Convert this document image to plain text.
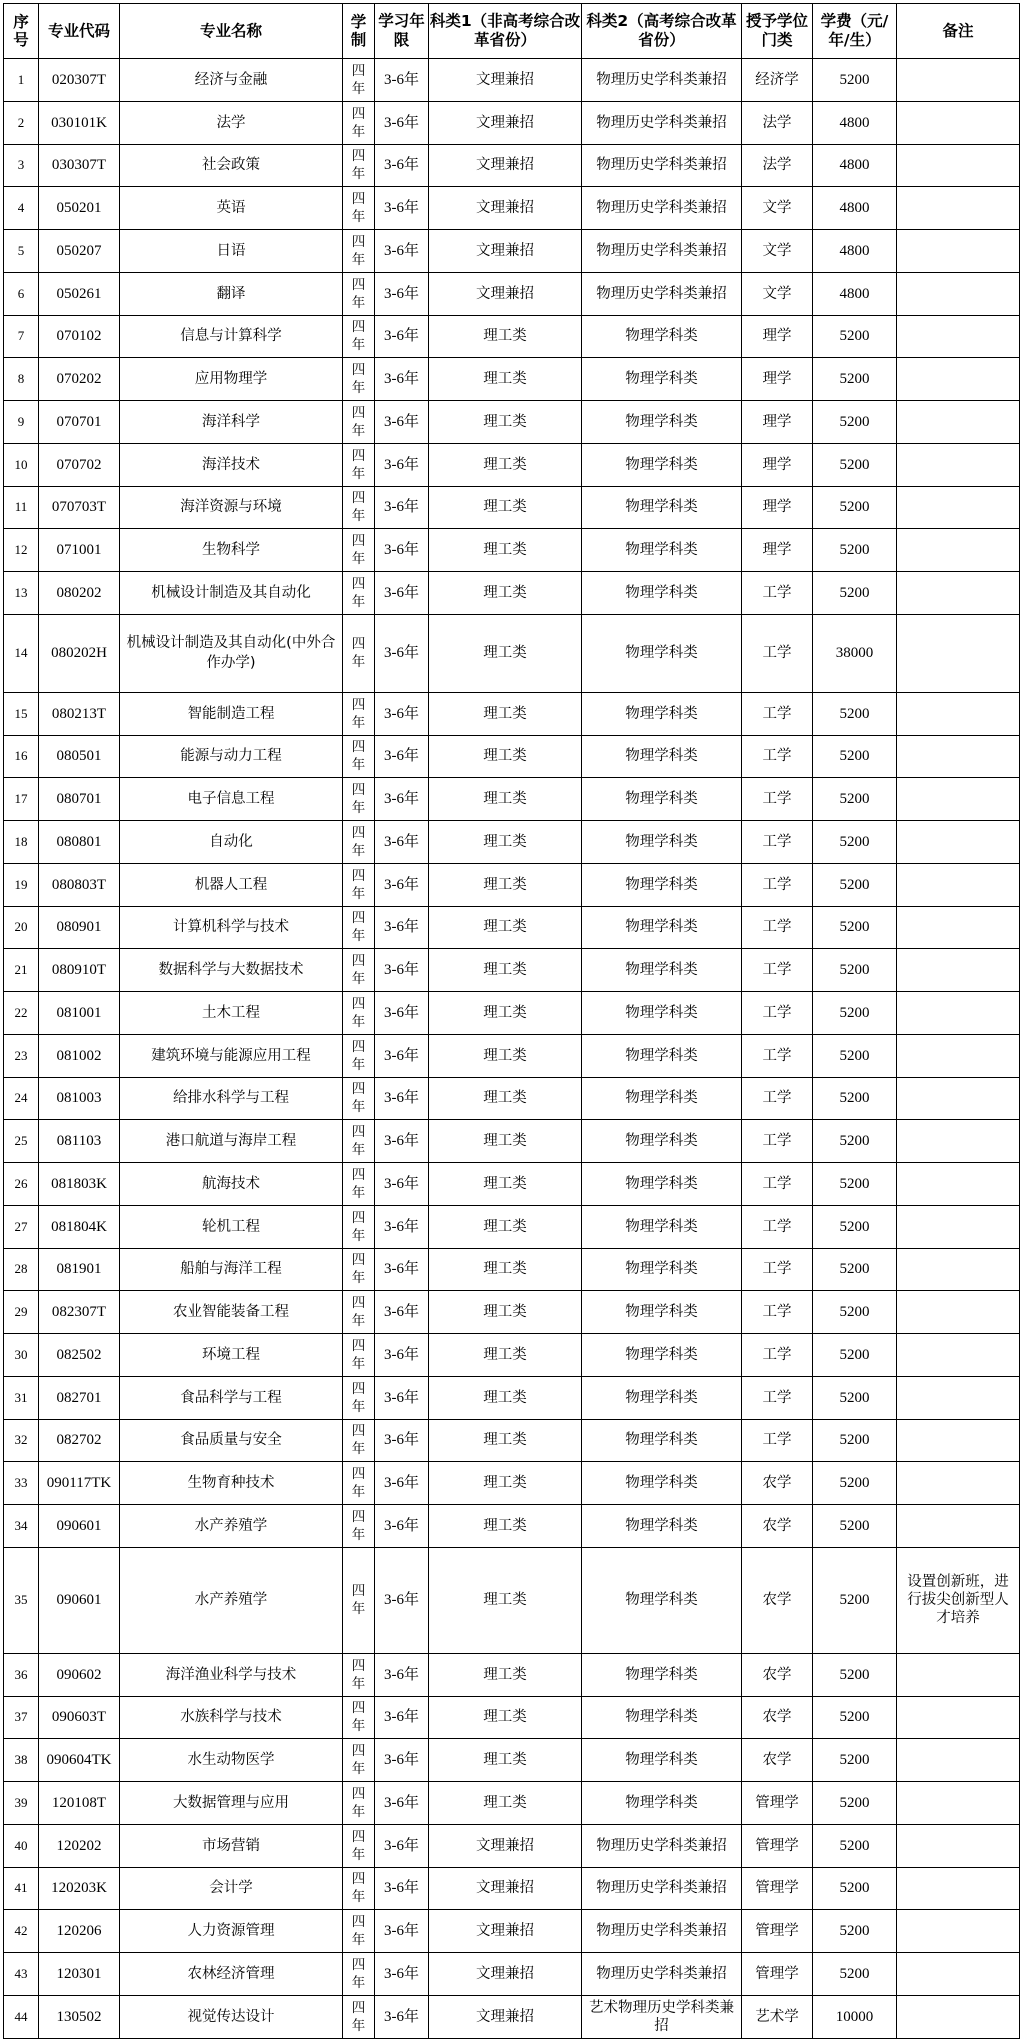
序号	专业代码	专业名称	学制	学习年限	科类1（非高考综合改革省份）	科类2（高考综合改革省份）	授予学位门类	学费（元/年/生）	备注
1	020307T	经济与金融	四年	3-6年	文理兼招	物理历史学科类兼招	经济学	5200	
2	030101K	法学	四年	3-6年	文理兼招	物理历史学科类兼招	法学	4800	
3	030307T	社会政策	四年	3-6年	文理兼招	物理历史学科类兼招	法学	4800	
4	050201	英语	四年	3-6年	文理兼招	物理历史学科类兼招	文学	4800	
5	050207	日语	四年	3-6年	文理兼招	物理历史学科类兼招	文学	4800	
6	050261	翻译	四年	3-6年	文理兼招	物理历史学科类兼招	文学	4800	
7	070102	信息与计算科学	四年	3-6年	理工类	物理学科类	理学	5200	
8	070202	应用物理学	四年	3-6年	理工类	物理学科类	理学	5200	
9	070701	海洋科学	四年	3-6年	理工类	物理学科类	理学	5200	
10	070702	海洋技术	四年	3-6年	理工类	物理学科类	理学	5200	
11	070703T	海洋资源与环境	四年	3-6年	理工类	物理学科类	理学	5200	
12	071001	生物科学	四年	3-6年	理工类	物理学科类	理学	5200	
13	080202	机械设计制造及其自动化	四年	3-6年	理工类	物理学科类	工学	5200	
14	080202H	机械设计制造及其自动化(中外合作办学)	四年	3-6年	理工类	物理学科类	工学	38000	
15	080213T	智能制造工程	四年	3-6年	理工类	物理学科类	工学	5200	
16	080501	能源与动力工程	四年	3-6年	理工类	物理学科类	工学	5200	
17	080701	电子信息工程	四年	3-6年	理工类	物理学科类	工学	5200	
18	080801	自动化	四年	3-6年	理工类	物理学科类	工学	5200	
19	080803T	机器人工程	四年	3-6年	理工类	物理学科类	工学	5200	
20	080901	计算机科学与技术	四年	3-6年	理工类	物理学科类	工学	5200	
21	080910T	数据科学与大数据技术	四年	3-6年	理工类	物理学科类	工学	5200	
22	081001	土木工程	四年	3-6年	理工类	物理学科类	工学	5200	
23	081002	建筑环境与能源应用工程	四年	3-6年	理工类	物理学科类	工学	5200	
24	081003	给排水科学与工程	四年	3-6年	理工类	物理学科类	工学	5200	
25	081103	港口航道与海岸工程	四年	3-6年	理工类	物理学科类	工学	5200	
26	081803K	航海技术	四年	3-6年	理工类	物理学科类	工学	5200	
27	081804K	轮机工程	四年	3-6年	理工类	物理学科类	工学	5200	
28	081901	船舶与海洋工程	四年	3-6年	理工类	物理学科类	工学	5200	
29	082307T	农业智能装备工程	四年	3-6年	理工类	物理学科类	工学	5200	
30	082502	环境工程	四年	3-6年	理工类	物理学科类	工学	5200	
31	082701	食品科学与工程	四年	3-6年	理工类	物理学科类	工学	5200	
32	082702	食品质量与安全	四年	3-6年	理工类	物理学科类	工学	5200	
33	090117TK	生物育种技术	四年	3-6年	理工类	物理学科类	农学	5200	
34	090601	水产养殖学	四年	3-6年	理工类	物理学科类	农学	5200	
35	090601	水产养殖学	四年	3-6年	理工类	物理学科类	农学	5200	设置创新班，进行拔尖创新型人才培养
36	090602	海洋渔业科学与技术	四年	3-6年	理工类	物理学科类	农学	5200	
37	090603T	水族科学与技术	四年	3-6年	理工类	物理学科类	农学	5200	
38	090604TK	水生动物医学	四年	3-6年	理工类	物理学科类	农学	5200	
39	120108T	大数据管理与应用	四年	3-6年	理工类	物理学科类	管理学	5200	
40	120202	市场营销	四年	3-6年	文理兼招	物理历史学科类兼招	管理学	5200	
41	120203K	会计学	四年	3-6年	文理兼招	物理历史学科类兼招	管理学	5200	
42	120206	人力资源管理	四年	3-6年	文理兼招	物理历史学科类兼招	管理学	5200	
43	120301	农林经济管理	四年	3-6年	文理兼招	物理历史学科类兼招	管理学	5200	
44	130502	视觉传达设计	四年	3-6年	文理兼招	艺术物理历史学科类兼招	艺术学	10000	
